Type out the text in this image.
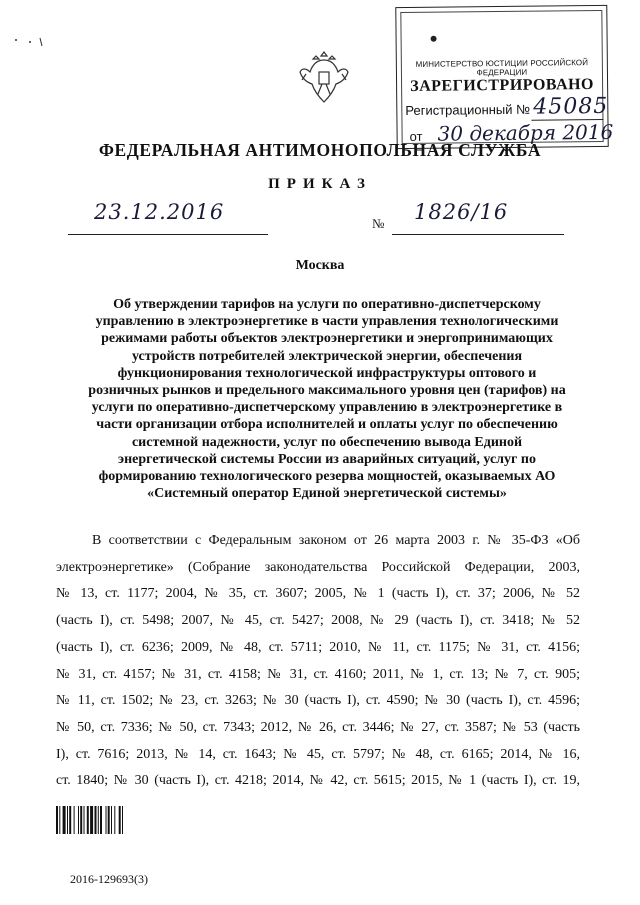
МИНИСТЕРСТВО ЮСТИЦИИ РОССИЙСКОЙ ФЕДЕРАЦИИ
ЗАРЕГИСТРИРОВАНО
Регистрационный № 45085
от 30 декабря 2016
ФЕДЕРАЛЬНАЯ АНТИМОНОПОЛЬНАЯ СЛУЖБА
ПРИКАЗ
23.12.2016	№ 1826/16
Москва
Об утверждении тарифов на услуги по оперативно-диспетчерскому
управлению в электроэнергетике в части управления технологическими
режимами работы объектов электроэнергетики и энергопринимающих
устройств потребителей электрической энергии, обеспечения
функционирования технологической инфраструктуры оптового и
розничных рынков и предельного максимального уровня цен (тарифов) на
услуги по оперативно-диспетчерскому управлению в электроэнергетике в
части организации отбора исполнителей и оплаты услуг по обеспечению
системной надежности, услуг по обеспечению вывода Единой
энергетической системы России из аварийных ситуаций, услуг по
формированию технологического резерва мощностей, оказываемых АО
«Системный оператор Единой энергетической системы»
В соответствии с Федеральным законом от 26 марта 2003 г. № 35-ФЗ «Об
электроэнергетике» (Собрание законодательства Российской Федерации, 2003,
№ 13, ст. 1177; 2004, № 35, ст. 3607; 2005, № 1 (часть I), ст. 37; 2006, № 52
(часть I), ст. 5498; 2007, № 45, ст. 5427; 2008, № 29 (часть I), ст. 3418; № 52
(часть I), ст. 6236; 2009, № 48, ст. 5711; 2010, № 11, ст. 1175; № 31, ст. 4156;
№ 31, ст. 4157; № 31, ст. 4158; № 31, ст. 4160; 2011, № 1, ст. 13; № 7, ст. 905;
№ 11, ст. 1502; № 23, ст. 3263; № 30 (часть I), ст. 4590; № 30 (часть I), ст. 4596;
№ 50, ст. 7336; № 50, ст. 7343; 2012, № 26, ст. 3446; № 27, ст. 3587; № 53 (часть
I), ст. 7616; 2013, № 14, ст. 1643; № 45, ст. 5797; № 48, ст. 6165; 2014, № 16,
ст. 1840; № 30 (часть I), ст. 4218; 2014, № 42, ст. 5615; 2015, № 1 (часть I), ст. 19,
2016-129693(3)
